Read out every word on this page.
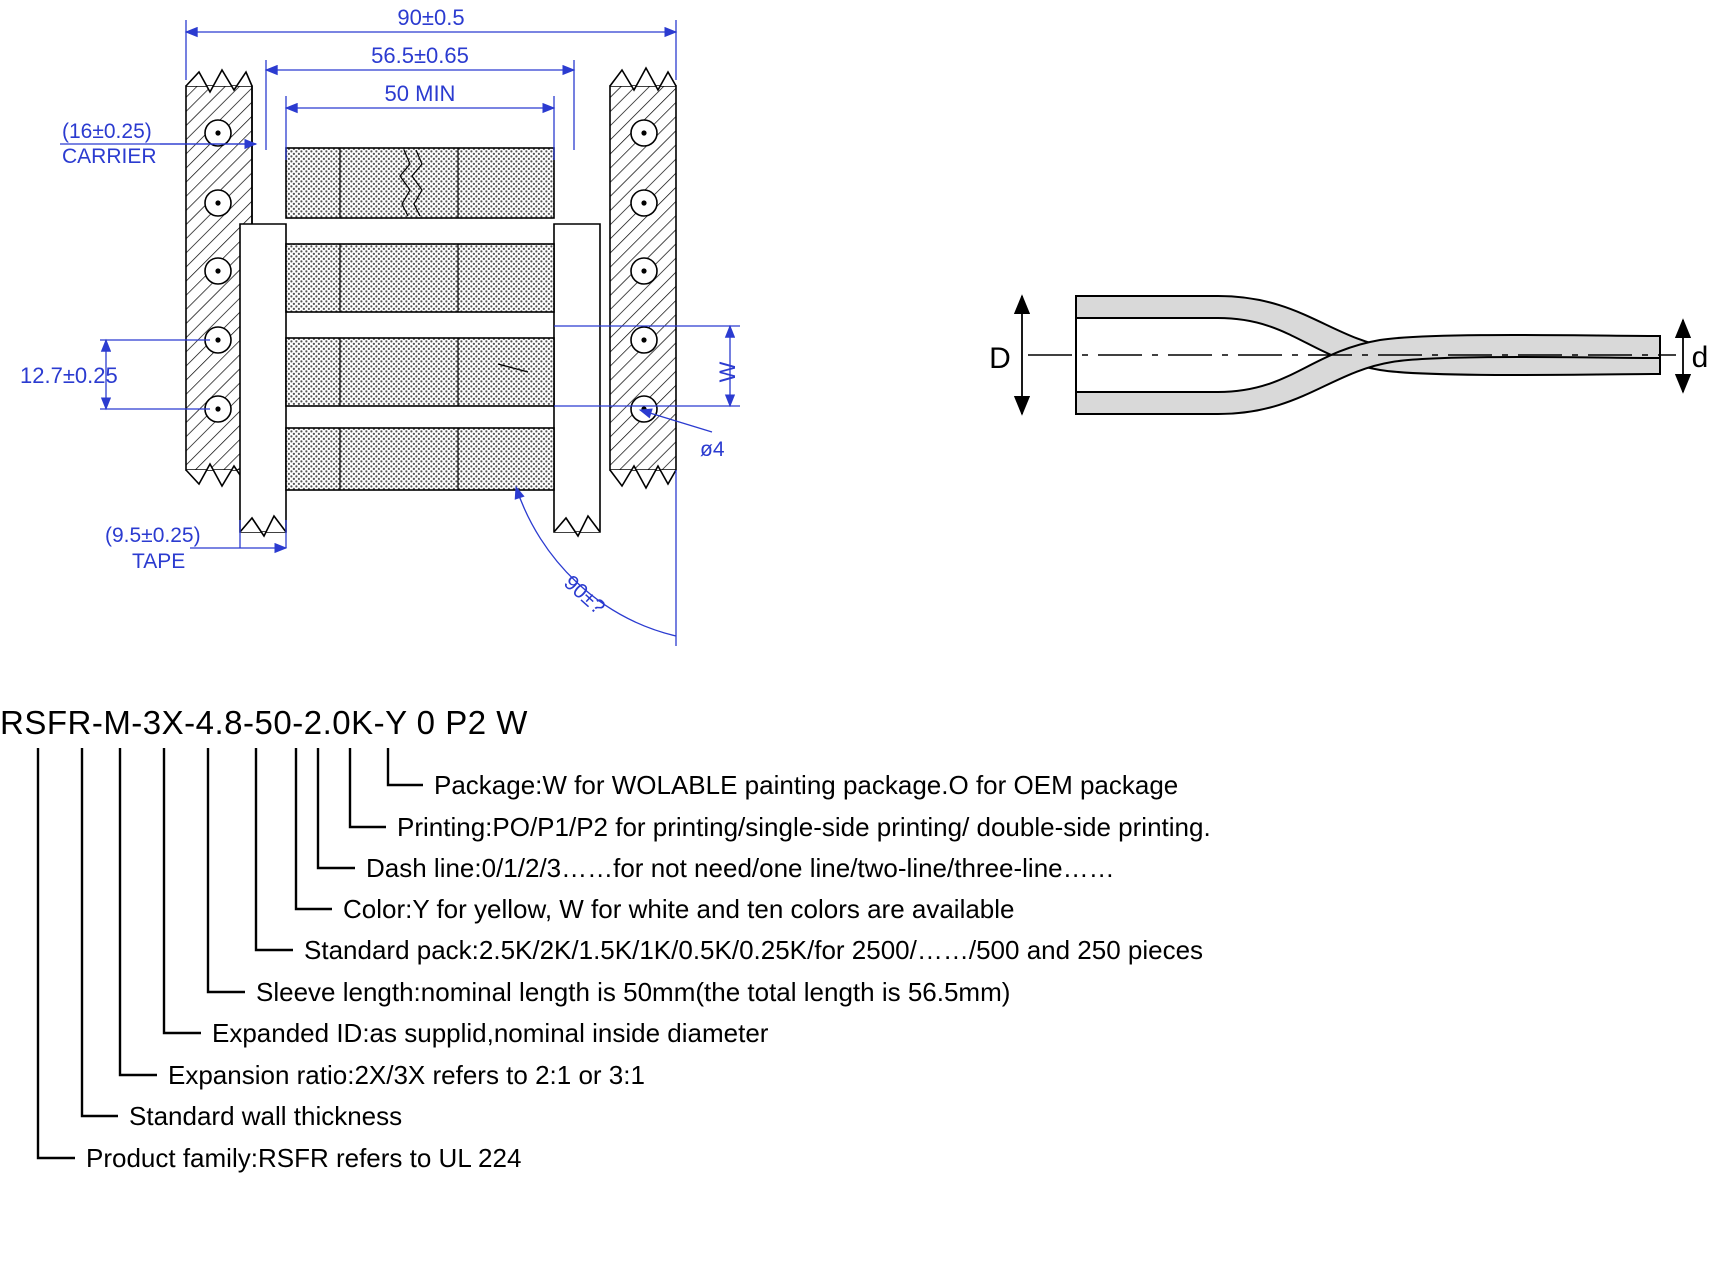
90±0.5
56.5±0.65
50 MIN
(16±0.25)
CARRIER
12.7±0.25
(9.5±0.25)
TAPE
W
ø4
90±?
D	d
RSFR-M-3X-4.8-50-2.0K-Y 0 P2 W
Package:W for WOLABLE painting package.O for OEM package
Printing:PO/P1/P2 for printing/single-side printing/ double-side printing.
Dash line:0/1/2/3……for not need/one line/two-line/three-line……
Color:Y for yellow, W for white and ten colors are available
Standard pack:2.5K/2K/1.5K/1K/0.5K/0.25K/for 2500/……/500 and 250 pieces
Sleeve length:nominal length is 50mm(the total length is 56.5mm)
Expanded ID:as supplid,nominal inside diameter
Expansion ratio:2X/3X refers to 2:1 or 3:1
Standard wall thickness
Product family:RSFR refers to UL 224
